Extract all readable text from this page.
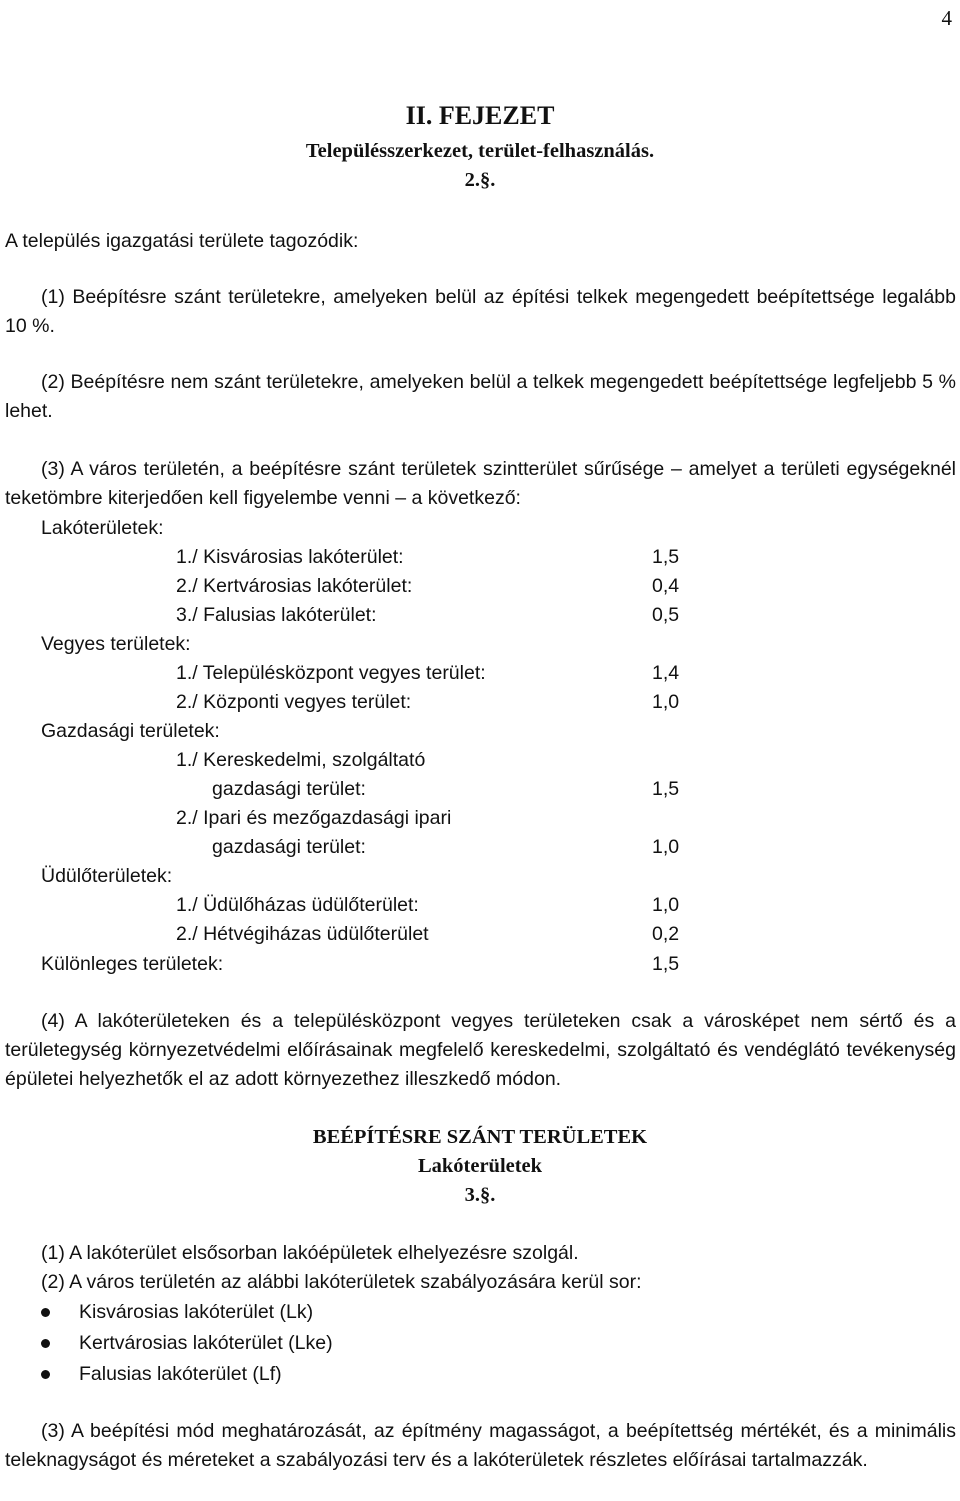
4
II. FEJEZET
Településszerkezet, terület-felhasználás.
2.§.
A település igazgatási területe tagozódik:
(1) Beépítésre szánt területekre, amelyeken belül az építési telkek megengedett beépítettsége legalább 10 %.
(2) Beépítésre nem szánt területekre, amelyeken belül a telkek megengedett beépítettsége legfeljebb 5 % lehet.
(3) A város területén, a beépítésre szánt területek szintterület sűrűsége – amelyet a területi egységeknél teketömbre kiterjedően kell figyelembe venni – a következő:
Lakóterületek:
1./ Kisvárosias lakóterület:	1,5
2./ Kertvárosias lakóterület:	0,4
3./ Falusias lakóterület:	0,5
Vegyes területek:
1./ Településközpont vegyes terület:	1,4
2./ Központi vegyes terület:	1,0
Gazdasági területek:
1./ Kereskedelmi, szolgáltató
gazdasági terület:	1,5
2./ Ipari és mezőgazdasági ipari
gazdasági terület:	1,0
Üdülőterületek:
1./ Üdülőházas üdülőterület:	1,0
2./ Hétvégiházas üdülőterület	0,2
Különleges területek:	1,5
(4) A lakóterületeken és a településközpont vegyes területeken csak a városképet nem sértő és a területegység környezetvédelmi előírásainak megfelelő kereskedelmi, szolgáltató és vendéglátó tevékenység épületei helyezhetők el az adott környezethez illeszkedő módon.
BEÉPÍTÉSRE SZÁNT TERÜLETEK
Lakóterületek
3.§.
(1) A lakóterület elsősorban lakóépületek elhelyezésre szolgál.
(2) A város területén az alábbi lakóterületek szabályozására kerül sor:
Kisvárosias lakóterület (Lk)
Kertvárosias lakóterület (Lke)
Falusias lakóterület (Lf)
(3) A beépítési mód meghatározását, az építmény magasságot, a beépítettség mértékét, és a minimális teleknagyságot és méreteket a szabályozási terv és a lakóterületek részletes előírásai tartalmazzák.
